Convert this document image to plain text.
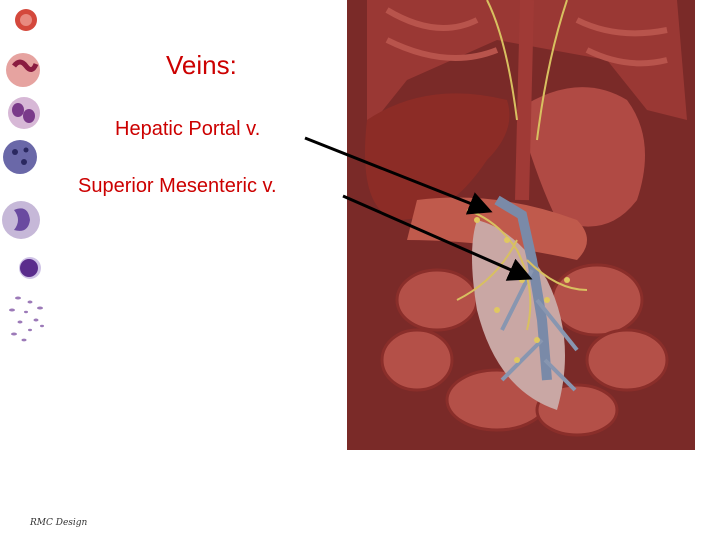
Veins:
Hepatic Portal v.
Superior Mesenteric v.
RMC Design
